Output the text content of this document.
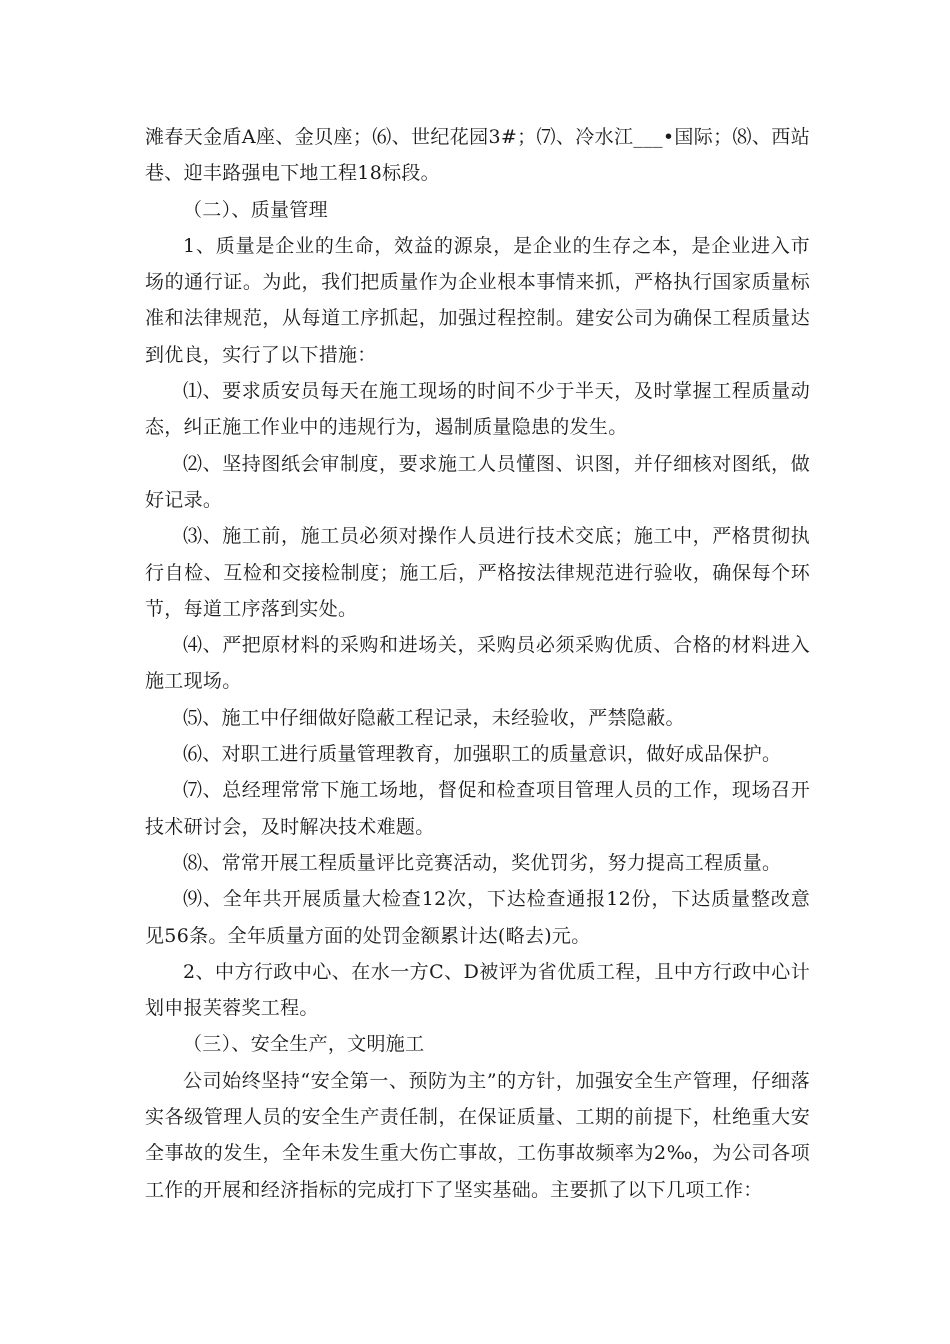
滩春天金盾A座、金贝座；⑹、世纪花园3#；⑺、冷水江___•国际；⑻、西站巷、迎丰路强电下地工程18标段。

（二）、质量管理

1、质量是企业的生命，效益的源泉，是企业的生存之本，是企业进入市场的通行证。为此，我们把质量作为企业根本事情来抓，严格执行国家质量标准和法律规范，从每道工序抓起，加强过程控制。建安公司为确保工程质量达到优良，实行了以下措施：

⑴、要求质安员每天在施工现场的时间不少于半天，及时掌握工程质量动态，纠正施工作业中的违规行为，遏制质量隐患的发生。

⑵、坚持图纸会审制度，要求施工人员懂图、识图，并仔细核对图纸，做好记录。

⑶、施工前，施工员必须对操作人员进行技术交底；施工中，严格贯彻执行自检、互检和交接检制度；施工后，严格按法律规范进行验收，确保每个环节，每道工序落到实处。

⑷、严把原材料的采购和进场关，采购员必须采购优质、合格的材料进入施工现场。

⑸、施工中仔细做好隐蔽工程记录，未经验收，严禁隐蔽。

⑹、对职工进行质量管理教育，加强职工的质量意识，做好成品保护。

⑺、总经理常常下施工场地，督促和检查项目管理人员的工作，现场召开技术研讨会，及时解决技术难题。

⑻、常常开展工程质量评比竞赛活动，奖优罚劣，努力提高工程质量。

⑼、全年共开展质量大检查12次，下达检查通报12份，下达质量整改意见56条。全年质量方面的处罚金额累计达(略去)元。

2、中方行政中心、在水一方C、D被评为省优质工程，且中方行政中心计划申报芙蓉奖工程。

（三）、安全生产，文明施工

公司始终坚持“安全第一、预防为主”的方针，加强安全生产管理，仔细落实各级管理人员的安全生产责任制，在保证质量、工期的前提下，杜绝重大安全事故的发生，全年未发生重大伤亡事故，工伤事故频率为2‰，为公司各项工作的开展和经济指标的完成打下了坚实基础。主要抓了以下几项工作：
